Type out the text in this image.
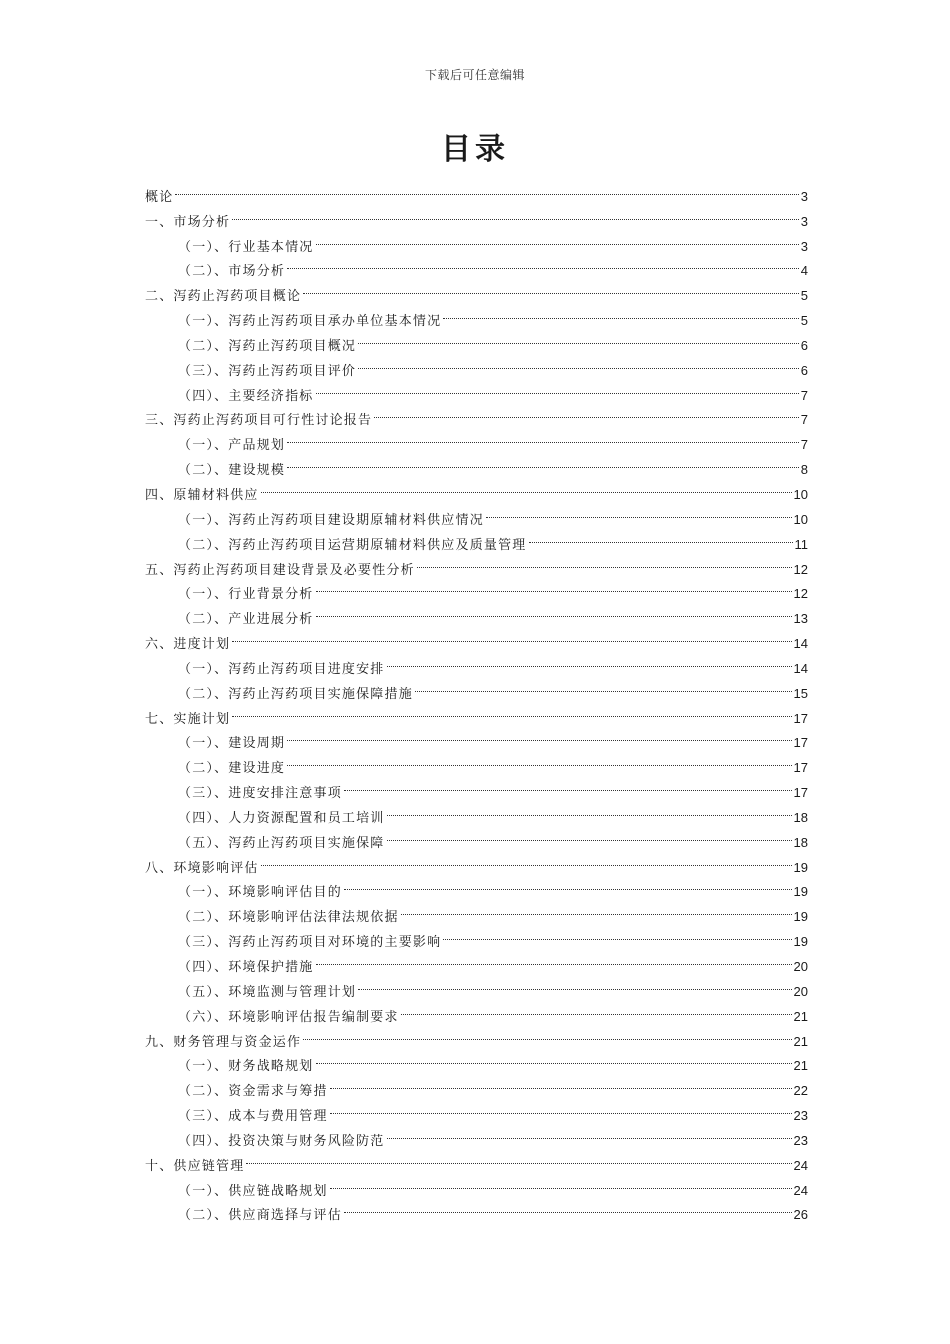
下载后可任意编辑
目录
概论	3
一、市场分析	3
（一）、行业基本情况	3
（二）、市场分析	4
二、泻药止泻药项目概论	5
（一）、泻药止泻药项目承办单位基本情况	5
（二）、泻药止泻药项目概况	6
（三）、泻药止泻药项目评价	6
（四）、主要经济指标	7
三、泻药止泻药项目可行性讨论报告	7
（一）、产品规划	7
（二）、建设规模	8
四、原辅材料供应	10
（一）、泻药止泻药项目建设期原辅材料供应情况	10
（二）、泻药止泻药项目运营期原辅材料供应及质量管理	11
五、泻药止泻药项目建设背景及必要性分析	12
（一）、行业背景分析	12
（二）、产业进展分析	13
六、进度计划	14
（一）、泻药止泻药项目进度安排	14
（二）、泻药止泻药项目实施保障措施	15
七、实施计划	17
（一）、建设周期	17
（二）、建设进度	17
（三）、进度安排注意事项	17
（四）、人力资源配置和员工培训	18
（五）、泻药止泻药项目实施保障	18
八、环境影响评估	19
（一）、环境影响评估目的	19
（二）、环境影响评估法律法规依据	19
（三）、泻药止泻药项目对环境的主要影响	19
（四）、环境保护措施	20
（五）、环境监测与管理计划	20
（六）、环境影响评估报告编制要求	21
九、财务管理与资金运作	21
（一）、财务战略规划	21
（二）、资金需求与筹措	22
（三）、成本与费用管理	23
（四）、投资决策与财务风险防范	23
十、供应链管理	24
（一）、供应链战略规划	24
（二）、供应商选择与评估	26
